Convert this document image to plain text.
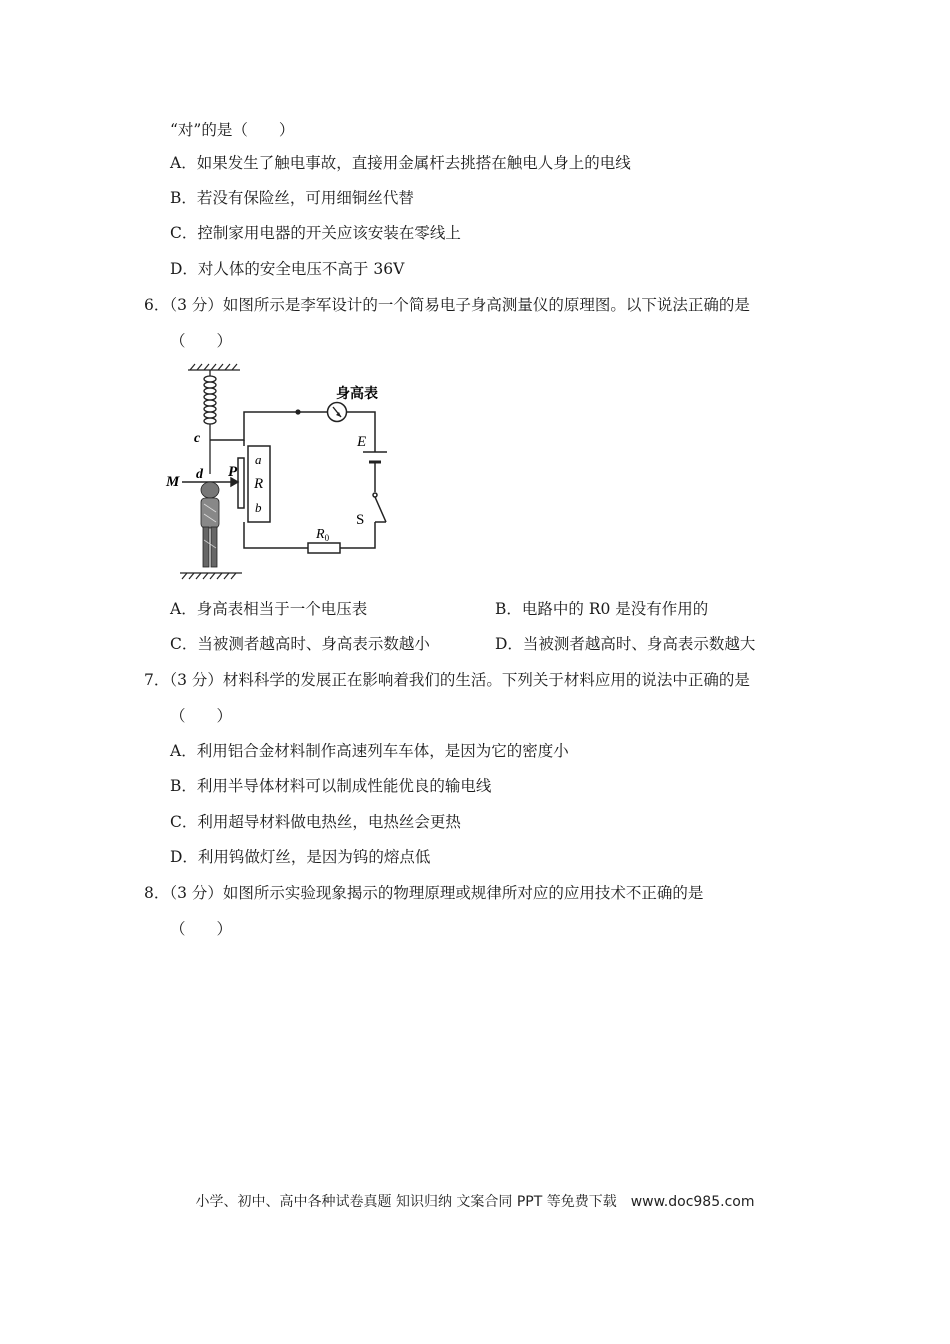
“对”的是（　　）
A．如果发生了触电事故，直接用金属杆去挑搭在触电人身上的电线
B．若没有保险丝，可用细铜丝代替
C．控制家用电器的开关应该安装在零线上
D．对人体的安全电压不高于 36V
6．（3 分）如图所示是李军设计的一个简易电子身高测量仪的原理图。以下说法正确的是
（　　）
身高表
E
S
$R_0$
a
R
b
P
M
c
d
A．身高表相当于一个电压表	B．电路中的 R0 是没有作用的
C．当被测者越高时、身高表示数越小	D．当被测者越高时、身高表示数越大
7．（3 分）材料科学的发展正在影响着我们的生活。下列关于材料应用的说法中正确的是
（　　）
A．利用铝合金材料制作高速列车车体，是因为它的密度小
B．利用半导体材料可以制成性能优良的输电线
C．利用超导材料做电热丝，电热丝会更热
D．利用钨做灯丝，是因为钨的熔点低
8．（3 分）如图所示实验现象揭示的物理原理或规律所对应的应用技术不正确的是
（　　）
小学、初中、高中各种试卷真题 知识归纳 文案合同 PPT 等免费下载　www.doc985.com
